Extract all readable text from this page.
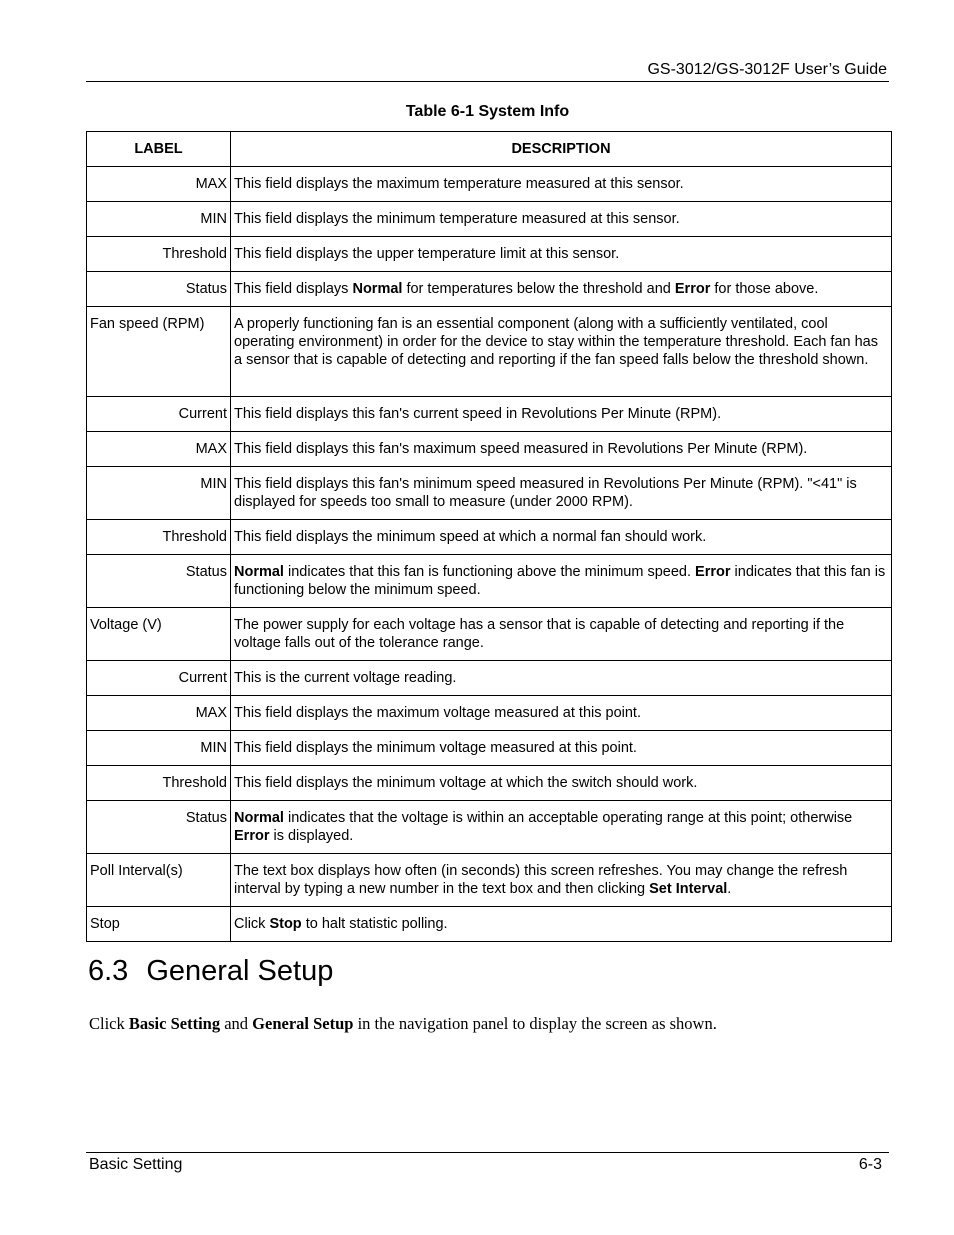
GS-3012/GS-3012F User’s Guide
Table 6-1 System Info
LABEL	DESCRIPTION
MAX	This field displays the maximum temperature measured at this sensor.
MIN	This field displays the minimum temperature measured at this sensor.
Threshold	This field displays the upper temperature limit at this sensor.
Status	This field displays Normal for temperatures below the threshold and Error for those above.
Fan speed (RPM)	A properly functioning fan is an essential component (along with a sufficiently ventilated, cool operating environment) in order for the device to stay within the temperature threshold. Each fan has a sensor that is capable of detecting and reporting if the fan speed falls below the threshold shown.
Current	This field displays this fan's current speed in Revolutions Per Minute (RPM).
MAX	This field displays this fan's maximum speed measured in Revolutions Per Minute (RPM).
MIN	This field displays this fan's minimum speed measured in Revolutions Per Minute (RPM). "<41" is displayed for speeds too small to measure (under 2000 RPM).
Threshold	This field displays the minimum speed at which a normal fan should work.
Status	Normal indicates that this fan is functioning above the minimum speed. Error indicates that this fan is functioning below the minimum speed.
Voltage (V)	The power supply for each voltage has a sensor that is capable of detecting and reporting if the voltage falls out of the tolerance range.
Current	This is the current voltage reading.
MAX	This field displays the maximum voltage measured at this point.
MIN	This field displays the minimum voltage measured at this point.
Threshold	This field displays the minimum voltage at which the switch should work.
Status	Normal indicates that the voltage is within an acceptable operating range at this point; otherwise Error is displayed.
Poll Interval(s)	The text box displays how often (in seconds) this screen refreshes. You may change the refresh interval by typing a new number in the text box and then clicking Set Interval.
Stop	Click Stop to halt statistic polling.
6.3 General Setup
Click Basic Setting and General Setup in the navigation panel to display the screen as shown.
Basic Setting	6-3
